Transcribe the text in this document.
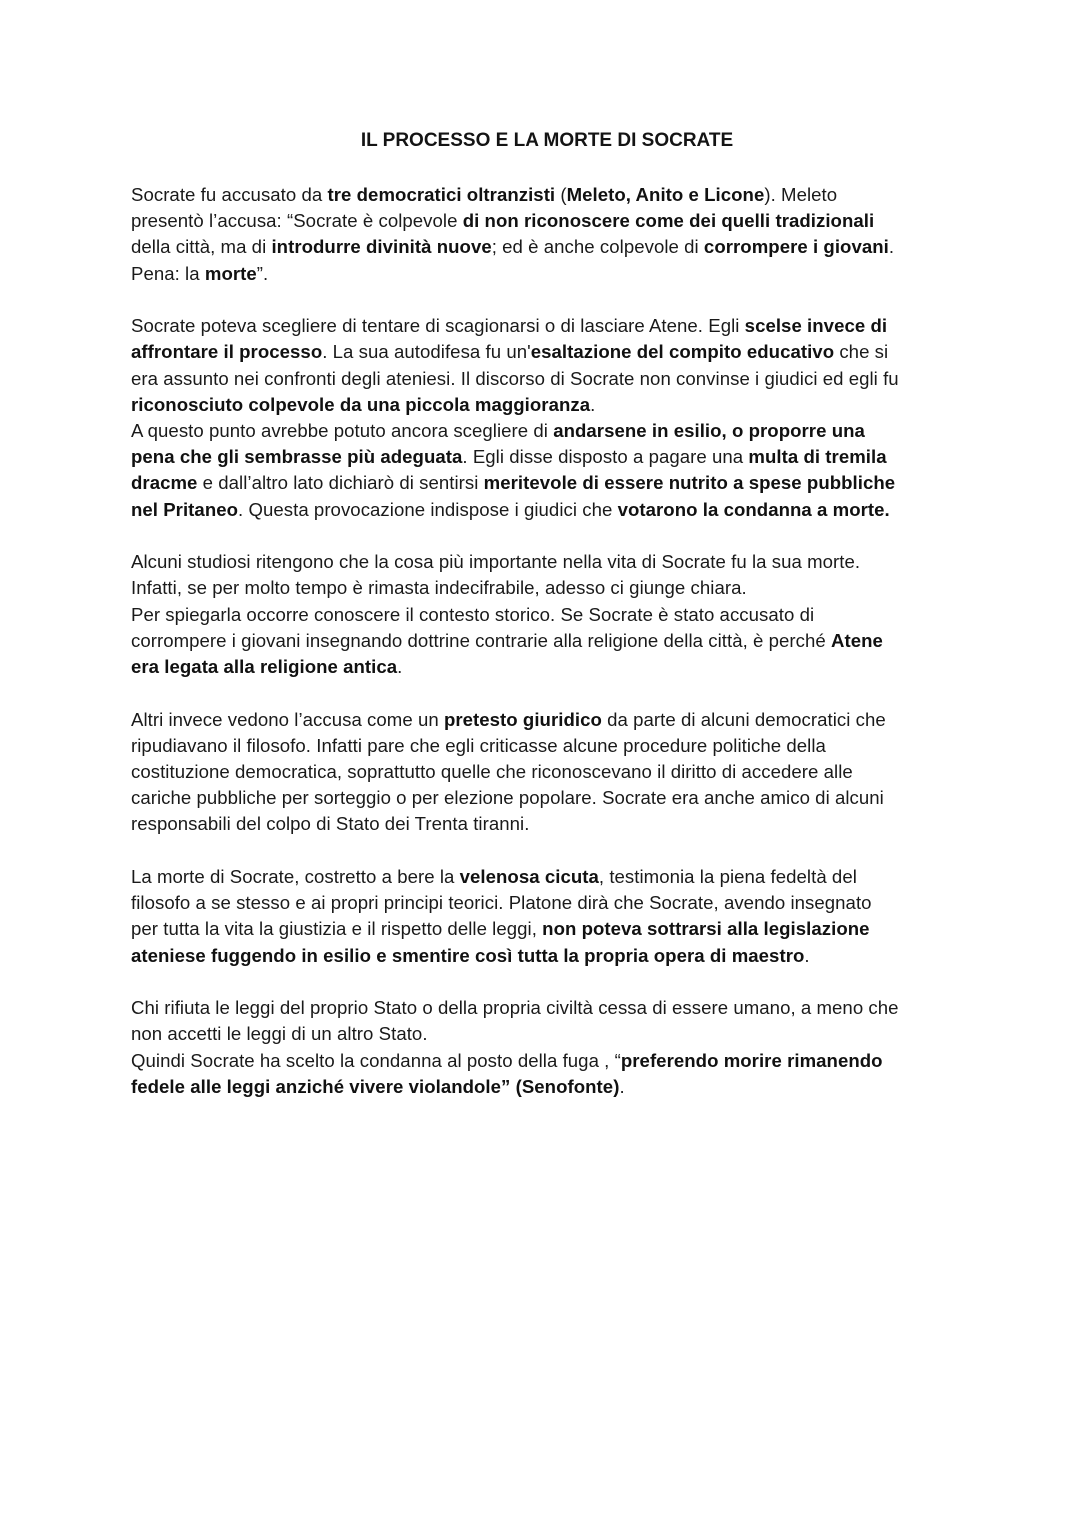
IL PROCESSO E LA MORTE DI SOCRATE

Socrate fu accusato da tre democratici oltranzisti (Meleto, Anito e Licone). Meleto
presentò l’accusa: “Socrate è colpevole di non riconoscere come dei quelli tradizionali
della città, ma di introdurre divinità nuove; ed è anche colpevole di corrompere i giovani.
Pena: la morte”.

Socrate poteva scegliere di tentare di scagionarsi o di lasciare Atene. Egli scelse invece di
affrontare il processo. La sua autodifesa fu un'esaltazione del compito educativo che si
era assunto nei confronti degli ateniesi. Il discorso di Socrate non convinse i giudici ed egli fu
riconosciuto colpevole da una piccola maggioranza.
A questo punto avrebbe potuto ancora scegliere di andarsene in esilio, o proporre una
pena che gli sembrasse più adeguata. Egli disse disposto a pagare una multa di tremila
dracme e dall’altro lato dichiarò di sentirsi meritevole di essere nutrito a spese pubbliche
nel Pritaneo. Questa provocazione indispose i giudici che votarono la condanna a morte.

Alcuni studiosi ritengono che la cosa più importante nella vita di Socrate fu la sua morte.
Infatti, se per molto tempo è rimasta indecifrabile, adesso ci giunge chiara.
Per spiegarla occorre conoscere il contesto storico. Se Socrate è stato accusato di
corrompere i giovani insegnando dottrine contrarie alla religione della città, è perché Atene
era legata alla religione antica.

Altri invece vedono l’accusa come un pretesto giuridico da parte di alcuni democratici che
ripudiavano il filosofo. Infatti pare che egli criticasse alcune procedure politiche della
costituzione democratica, soprattutto quelle che riconoscevano il diritto di accedere alle
cariche pubbliche per sorteggio o per elezione popolare. Socrate era anche amico di alcuni
responsabili del colpo di Stato dei Trenta tiranni.

La morte di Socrate, costretto a bere la velenosa cicuta, testimonia la piena fedeltà del
filosofo a se stesso e ai propri principi teorici. Platone dirà che Socrate, avendo insegnato
per tutta la vita la giustizia e il rispetto delle leggi, non poteva sottrarsi alla legislazione
ateniese fuggendo in esilio e smentire così tutta la propria opera di maestro.

Chi rifiuta le leggi del proprio Stato o della propria civiltà cessa di essere umano, a meno che
non accetti le leggi di un altro Stato.
Quindi Socrate ha scelto la condanna al posto della fuga , “preferendo morire rimanendo
fedele alle leggi anziché vivere violandole” (Senofonte).
